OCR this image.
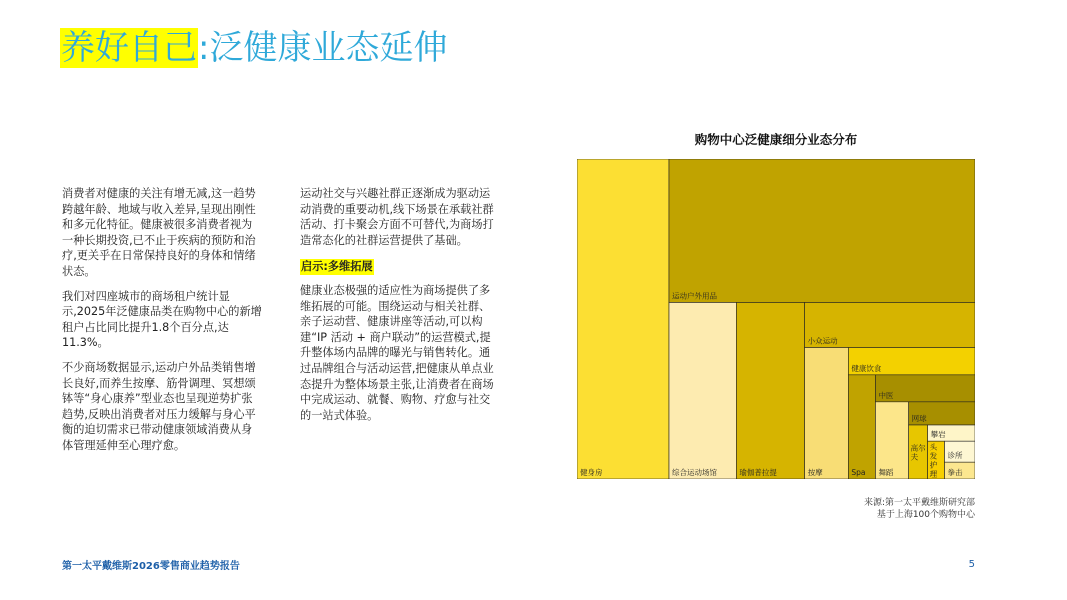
养好自己:泛健康业态延伸

消费者对健康的关注有增无减,这一趋势跨越年龄、地域与收入差异,呈现出刚性和多元化特征。健康被很多消费者视为一种长期投资,已不止于疾病的预防和治疗,更关乎在日常保持良好的身体和情绪状态。

我们对四座城市的商场租户统计显示,2025年泛健康品类在购物中心的新增租户占比同比提升1.8个百分点,达11.3%。

不少商场数据显示,运动户外品类销售增长良好,而养生按摩、筋骨调理、冥想颂钵等“身心康养”型业态也呈现逆势扩张趋势,反映出消费者对压力缓解与身心平衡的迫切需求已带动健康领域消费从身体管理延伸至心理疗愈。

运动社交与兴趣社群正逐渐成为驱动运动消费的重要动机,线下场景在承载社群活动、打卡聚会方面不可替代,为商场打造常态化的社群运营提供了基础。

启示:多维拓展

健康业态极强的适应性为商场提供了多维拓展的可能。围绕运动与相关社群、亲子运动营、健康讲座等活动,可以构建“IP 活动 + 商户联动”的运营模式,提升整体场内品牌的曝光与销售转化。通过品牌组合与活动运营,把健康从单点业态提升为整体场景主张,让消费者在商场中完成运动、就餐、购物、疗愈与社交的一站式体验。

购物中心泛健康细分业态分布
健身房
运动户外用品
综合运动场馆	瑜伽普拉提
小众运动
按摩
健康饮食
Spa
中医
舞蹈
网球
高尔夫
攀岩
头发护理
诊所
拳击
来源:第一太平戴维斯研究部
基于上海100个购物中心
第一太平戴维斯2026零售商业趋势报告	5
